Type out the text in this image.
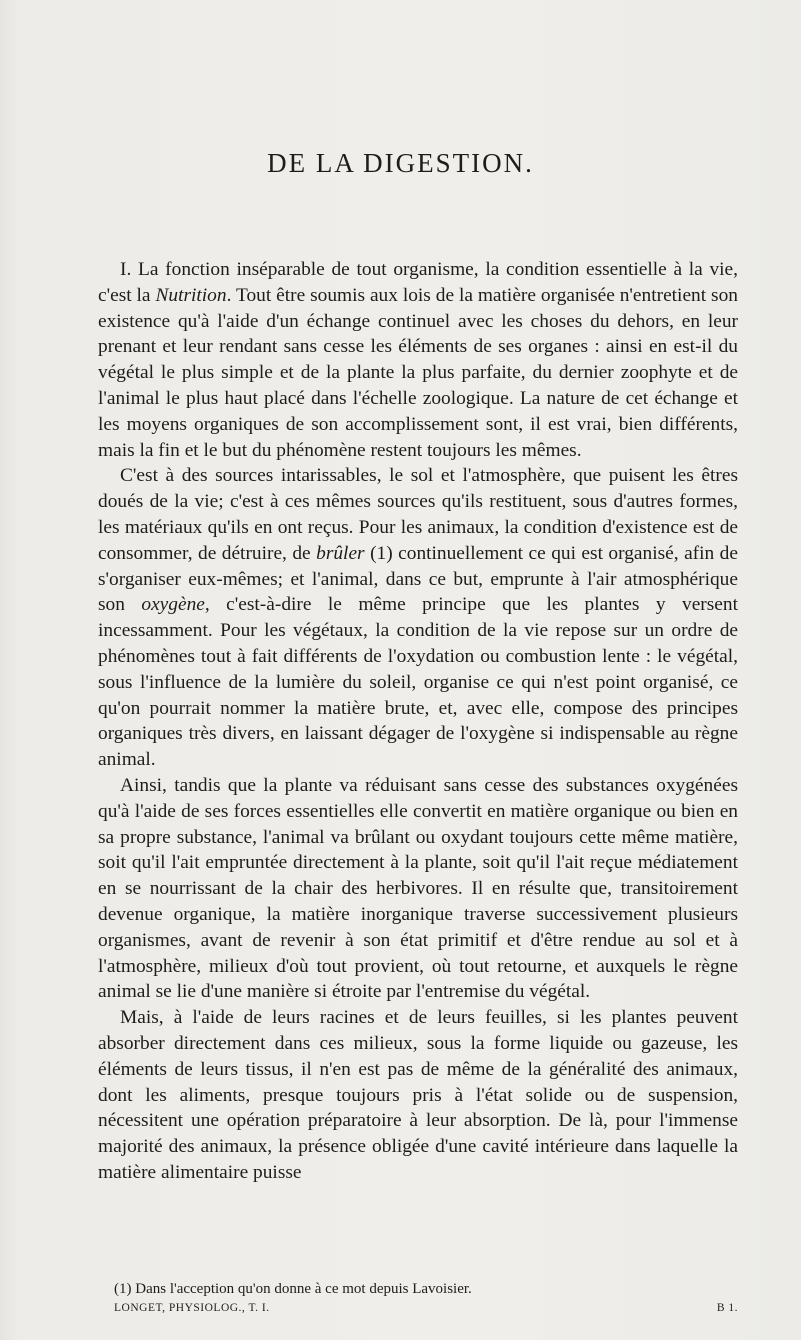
DE LA DIGESTION.

I. La fonction inséparable de tout organisme, la condition essentielle à la vie, c'est la Nutrition. Tout être soumis aux lois de la matière organisée n'entretient son existence qu'à l'aide d'un échange continuel avec les choses du dehors, en leur prenant et leur rendant sans cesse les éléments de ses organes : ainsi en est-il du végétal le plus simple et de la plante la plus parfaite, du dernier zoophyte et de l'animal le plus haut placé dans l'échelle zoologique. La nature de cet échange et les moyens organiques de son accomplissement sont, il est vrai, bien différents, mais la fin et le but du phénomène restent toujours les mêmes.

C'est à des sources intarissables, le sol et l'atmosphère, que puisent les êtres doués de la vie; c'est à ces mêmes sources qu'ils restituent, sous d'autres formes, les matériaux qu'ils en ont reçus. Pour les animaux, la condition d'existence est de consommer, de détruire, de brûler (1) continuellement ce qui est organisé, afin de s'organiser eux-mêmes; et l'animal, dans ce but, emprunte à l'air atmosphérique son oxygène, c'est-à-dire le même principe que les plantes y versent incessamment. Pour les végétaux, la condition de la vie repose sur un ordre de phénomènes tout à fait différents de l'oxydation ou combustion lente : le végétal, sous l'influence de la lumière du soleil, organise ce qui n'est point organisé, ce qu'on pourrait nommer la matière brute, et, avec elle, compose des principes organiques très divers, en laissant dégager de l'oxygène si indispensable au règne animal.

Ainsi, tandis que la plante va réduisant sans cesse des substances oxygénées qu'à l'aide de ses forces essentielles elle convertit en matière organique ou bien en sa propre substance, l'animal va brûlant ou oxydant toujours cette même matière, soit qu'il l'ait empruntée directement à la plante, soit qu'il l'ait reçue médiatement en se nourrissant de la chair des herbivores. Il en résulte que, transitoirement devenue organique, la matière inorganique traverse successivement plusieurs organismes, avant de revenir à son état primitif et d'être rendue au sol et à l'atmosphère, milieux d'où tout provient, où tout retourne, et auxquels le règne animal se lie d'une manière si étroite par l'entremise du végétal.

Mais, à l'aide de leurs racines et de leurs feuilles, si les plantes peuvent absorber directement dans ces milieux, sous la forme liquide ou gazeuse, les éléments de leurs tissus, il n'en est pas de même de la généralité des animaux, dont les aliments, presque toujours pris à l'état solide ou de suspension, nécessitent une opération préparatoire à leur absorption. De là, pour l'immense majorité des animaux, la présence obligée d'une cavité intérieure dans laquelle la matière alimentaire puisse

(1) Dans l'acception qu'on donne à ce mot depuis Lavoisier.

LONGET, PHYSIOLOG., T. I.	B 1.
